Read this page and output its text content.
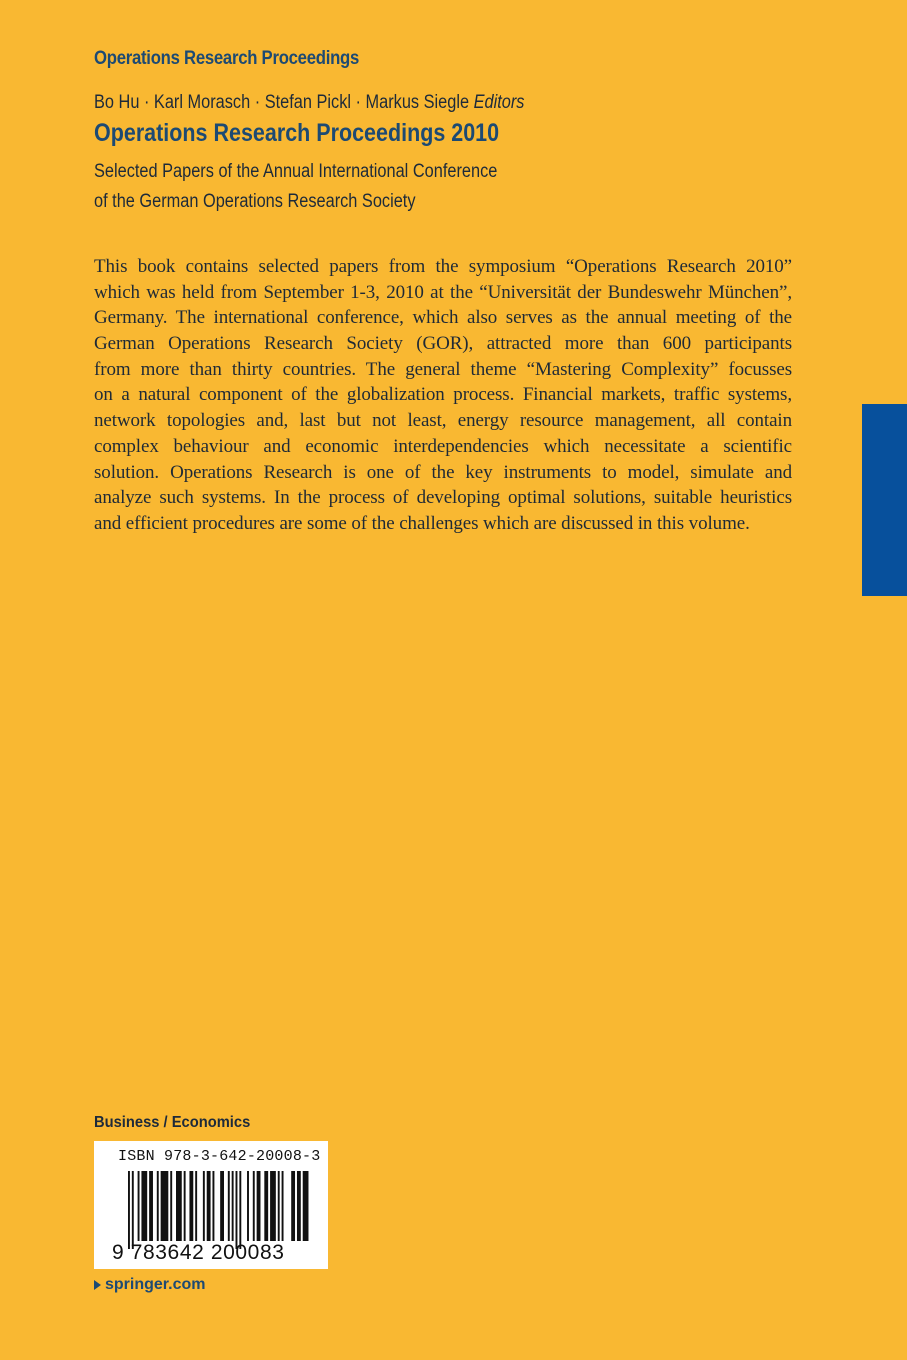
Operations Research Proceedings
Bo Hu · Karl Morasch · Stefan Pickl · Markus Siegle Editors
Operations Research Proceedings 2010
Selected Papers of the Annual International Conference
of the German Operations Research Society
This book contains selected papers from the symposium “Operations Research 2010”
which was held from September 1-3, 2010 at the “Universität der Bundeswehr München”,
Germany. The international conference, which also serves as the annual meeting of the
German Operations Research Society (GOR), attracted more than 600 participants
from more than thirty countries. The general theme “Mastering Complexity” focusses
on a natural component of the globalization process. Financial markets, traffic systems,
network topologies and, last but not least, energy resource management, all contain
complex behaviour and economic interdependencies which necessitate a scientific
solution. Operations Research is one of the key instruments to model, simulate and
analyze such systems. In the process of developing optimal solutions, suitable heuristics
and efficient procedures are some of the challenges which are discussed in this volume.
Business / Economics
ISBN 978-3-642-20008-3
9 783642 200083
springer.com
